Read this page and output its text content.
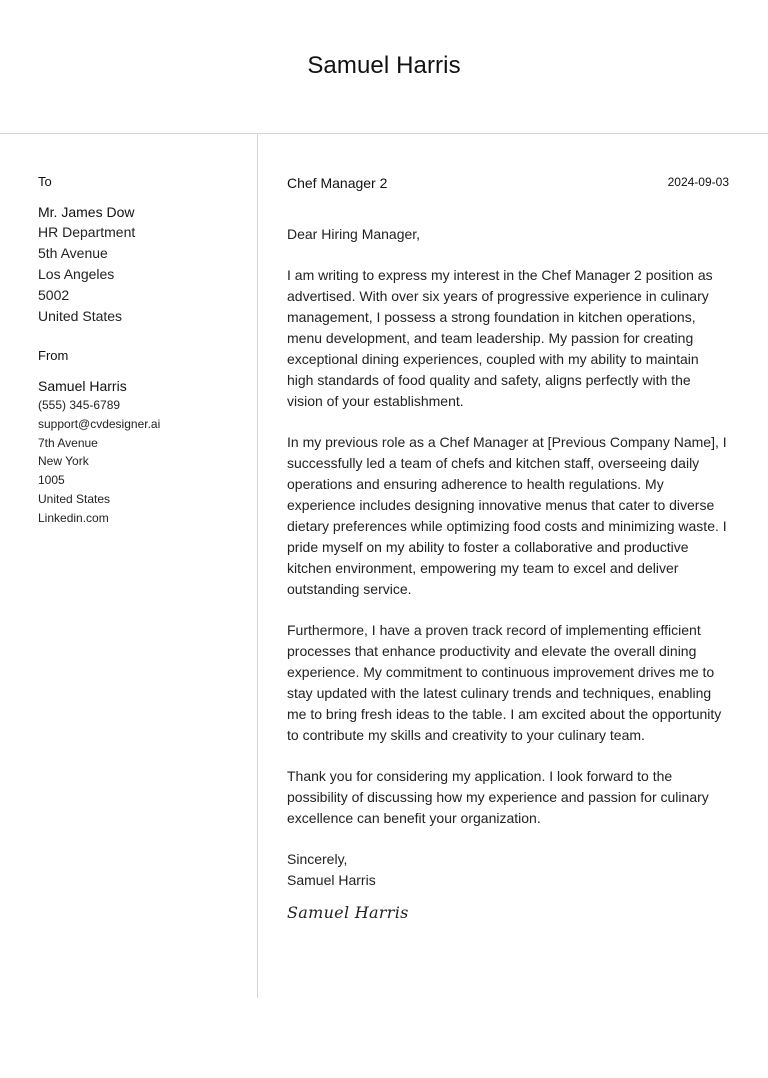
Samuel Harris
To
Mr. James Dow
HR Department
5th Avenue
Los Angeles
5002
United States
From
Samuel Harris
(555) 345-6789
support@cvdesigner.ai
7th Avenue
New York
1005
United States
Linkedin.com
Chef Manager 2	2024-09-03
Dear Hiring Manager,
I am writing to express my interest in the Chef Manager 2 position as advertised. With over six years of progressive experience in culinary management, I possess a strong foundation in kitchen operations, menu development, and team leadership. My passion for creating exceptional dining experiences, coupled with my ability to maintain high standards of food quality and safety, aligns perfectly with the vision of your establishment.
In my previous role as a Chef Manager at [Previous Company Name], I successfully led a team of chefs and kitchen staff, overseeing daily operations and ensuring adherence to health regulations. My experience includes designing innovative menus that cater to diverse dietary preferences while optimizing food costs and minimizing waste. I pride myself on my ability to foster a collaborative and productive kitchen environment, empowering my team to excel and deliver outstanding service.
Furthermore, I have a proven track record of implementing efficient processes that enhance productivity and elevate the overall dining experience. My commitment to continuous improvement drives me to stay updated with the latest culinary trends and techniques, enabling me to bring fresh ideas to the table. I am excited about the opportunity to contribute my skills and creativity to your culinary team.
Thank you for considering my application. I look forward to the possibility of discussing how my experience and passion for culinary excellence can benefit your organization.
Sincerely,
Samuel Harris
Samuel Harris
